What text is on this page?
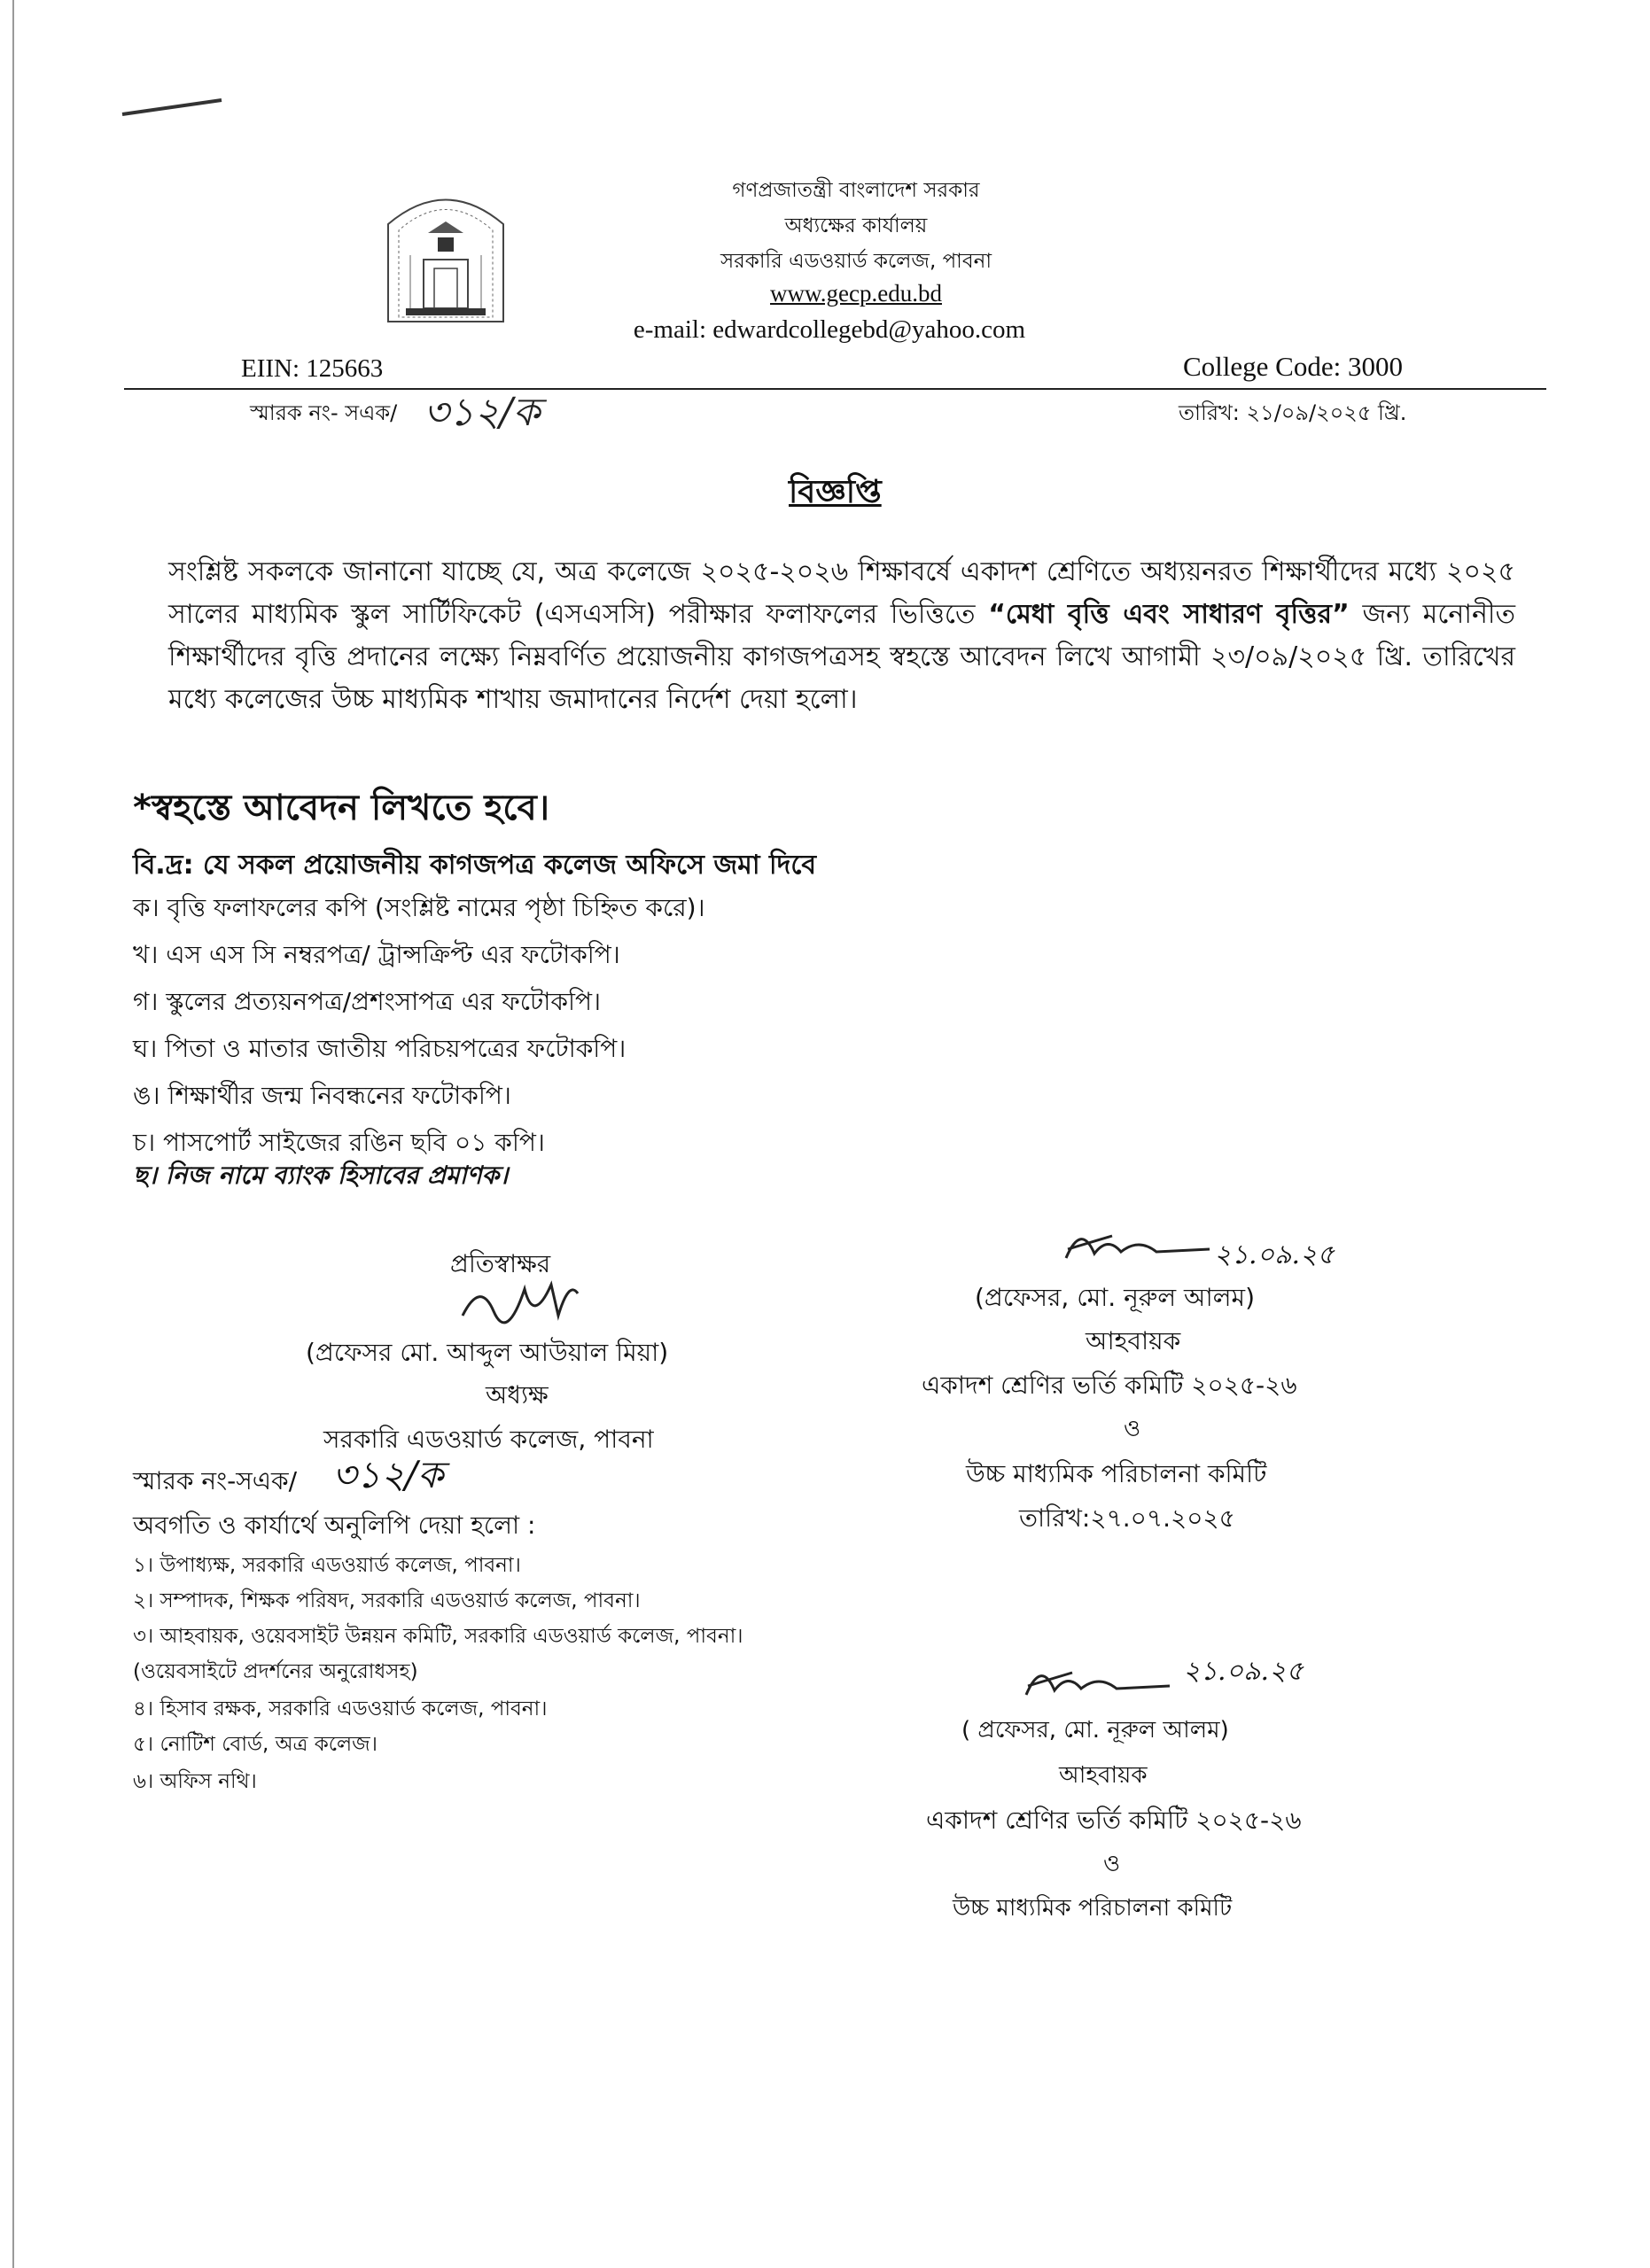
গণপ্রজাতন্ত্রী বাংলাদেশ সরকার
অধ্যক্ষের কার্যালয়
সরকারি এডওয়ার্ড কলেজ, পাবনা
www.gecp.edu.bd
e-mail: edwardcollegebd@yahoo.com
EIIN: 125663	College Code: 3000
স্মারক নং- সএক/ ৩১২/ক	তারিখ: ২১/০৯/২০২৫ খ্রি.
বিজ্ঞপ্তি
সংশ্লিষ্ট সকলকে জানানো যাচ্ছে যে, অত্র কলেজে ২০২৫-২০২৬ শিক্ষাবর্ষে একাদশ শ্রেণিতে অধ্যয়নরত শিক্ষার্থীদের মধ্যে ২০২৫ সালের মাধ্যমিক স্কুল সার্টিফিকেট (এসএসসি) পরীক্ষার ফলাফলের ভিত্তিতে “মেধা বৃত্তি এবং সাধারণ বৃত্তির” জন্য মনোনীত শিক্ষার্থীদের বৃত্তি প্রদানের লক্ষ্যে নিম্নবর্ণিত প্রয়োজনীয় কাগজপত্রসহ স্বহস্তে আবেদন লিখে আগামী ২৩/০৯/২০২৫ খ্রি. তারিখের মধ্যে কলেজের উচ্চ মাধ্যমিক শাখায় জমাদানের নির্দেশ দেয়া হলো।
*স্বহস্তে আবেদন লিখতে হবে।
বি.দ্র: যে সকল প্রয়োজনীয় কাগজপত্র কলেজ অফিসে জমা দিবে
ক। বৃত্তি ফলাফলের কপি (সংশ্লিষ্ট নামের পৃষ্ঠা চিহ্নিত করে)।
খ। এস এস সি নম্বরপত্র/ ট্রান্সক্রিপ্ট এর ফটোকপি।
গ। স্কুলের প্রত্যয়নপত্র/প্রশংসাপত্র এর ফটোকপি।
ঘ। পিতা ও মাতার জাতীয় পরিচয়পত্রের ফটোকপি।
ঙ। শিক্ষার্থীর জন্ম নিবন্ধনের ফটোকপি।
চ। পাসপোর্ট সাইজের রঙিন ছবি ০১ কপি।
ছ। নিজ নামে ব্যাংক হিসাবের প্রমাণক।
প্রতিস্বাক্ষর
(প্রফেসর মো. আব্দুল আউয়াল মিয়া)
অধ্যক্ষ
সরকারি এডওয়ার্ড কলেজ, পাবনা
২১.০৯.২৫
(প্রফেসর, মো. নূরুল আলম)
আহবায়ক
একাদশ শ্রেণির ভর্তি কমিটি ২০২৫-২৬
ও
উচ্চ মাধ্যমিক পরিচালনা কমিটি
তারিখ:২৭.০৭.২০২৫
স্মারক নং-সএক/ ৩১২/ক
অবগতি ও কার্যার্থে অনুলিপি দেয়া হলো :
১। উপাধ্যক্ষ, সরকারি এডওয়ার্ড কলেজ, পাবনা।
২। সম্পাদক, শিক্ষক পরিষদ, সরকারি এডওয়ার্ড কলেজ, পাবনা।
৩। আহবায়ক, ওয়েবসাইট উন্নয়ন কমিটি, সরকারি এডওয়ার্ড কলেজ, পাবনা।
(ওয়েবসাইটে প্রদর্শনের অনুরোধসহ)
৪। হিসাব রক্ষক, সরকারি এডওয়ার্ড কলেজ, পাবনা।
৫। নোটিশ বোর্ড, অত্র কলেজ।
৬। অফিস নথি।
২১.০৯.২৫
( প্রফেসর, মো. নূরুল আলম)
আহবায়ক
একাদশ শ্রেণির ভর্তি কমিটি ২০২৫-২৬
ও
উচ্চ মাধ্যমিক পরিচালনা কমিটি
